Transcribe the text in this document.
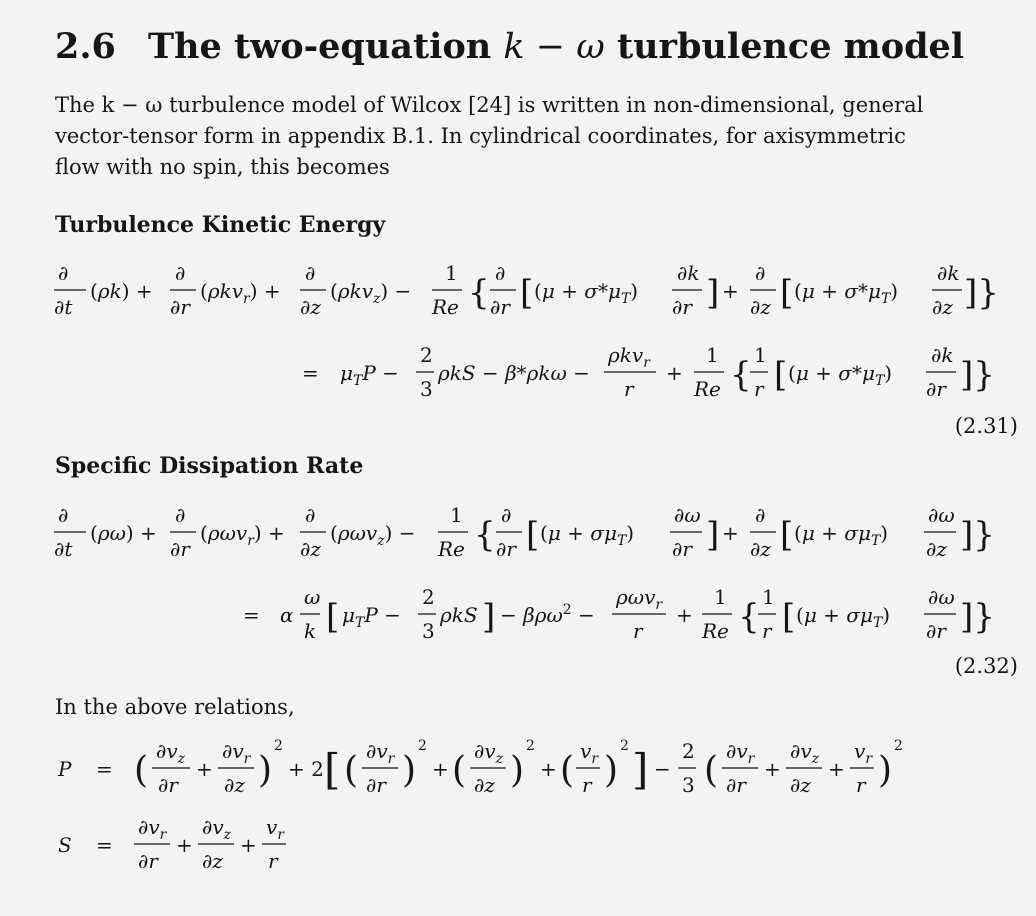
2.6 The two-equation k − ω turbulence model
The k − ω turbulence model of Wilcox [24] is written in non-dimensional, general
vector-tensor form in appendix B.1. In cylindrical coordinates, for axisymmetric
flow with no spin, this becomes
Turbulence Kinetic Energy
∂
∂t
(ρk) +
∂
∂r
(ρkv$_r$) +
∂
∂z
(ρkv$_z$) −
1
Re { ∂
∂r [ $(\mu + \sigma*\mu_T)$
∂k
∂r ] +
∂
∂z [ $(\mu + \sigma*\mu_T)$
∂k
∂z ]}
= $\mu_TP$ −
2
3
ρkS − β*ρkω −
ρkv$_r$
r
+
1
Re { 1
r [ $(\mu + \sigma*\mu_T)$
∂k
∂r ]}
(2.31)
Specific Dissipation Rate
∂
∂t
(ρω) +
∂
∂r
(ρωv$_r$) +
∂
∂z
(ρωv$_z$) −
1
Re { ∂
∂r [ $(\mu + \sigma\mu_T)$
∂ω
∂r ] +
∂
∂z [ $(\mu + \sigma\mu_T)$
∂ω
∂z ]}
= α
ω
k [ $\mu_TP$ −
2
3
ρkS ] − βρω$^2$ −
ρωv$_r$
r
+
1
Re { 1
r [ $(\mu + \sigma\mu_T)$
∂ω
∂r ]}
(2.32)
In the above relations,
P = ( $\partial v_z$
∂r
+
$\partial v_r$
∂z )
2
+ 2 [ ( $\partial v_r$
∂r )
2
+ ( $\partial v_z$
∂z )
2
+ ( $v_r$
r )
2 ] −
2
3 ( $\partial v_r$
∂r
+
$\partial v_z$
∂z
+
$v_r$
r )
2
S =
$\partial v_r$
∂r
+
$\partial v_z$
∂z
+
$v_r$
r
